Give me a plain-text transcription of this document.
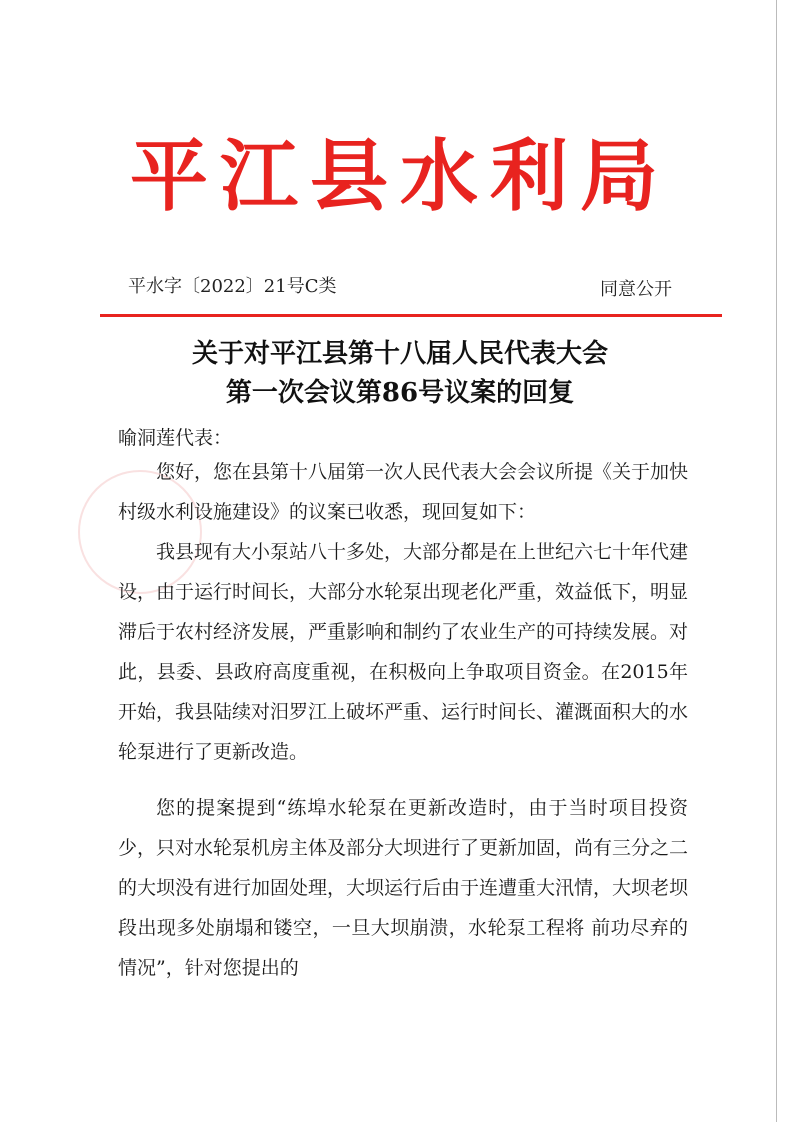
平江县水利局
平水字〔2022〕21号C类	同意公开
关于对平江县第十八届人民代表大会
第一次会议第86号议案的回复
喻洞莲代表：

您好，您在县第十八届第一次人民代表大会会议所提《关于加快村级水利设施建设》的议案已收悉，现回复如下：

我县现有大小泵站八十多处，大部分都是在上世纪六七十年代建设，由于运行时间长，大部分水轮泵出现老化严重，效益低下，明显滞后于农村经济发展，严重影响和制约了农业生产的可持续发展。对此，县委、县政府高度重视，在积极向上争取项目资金。在2015年开始，我县陆续对汨罗江上破坏严重、运行时间长、灌溉面积大的水轮泵进行了更新改造。

您的提案提到“练埠水轮泵在更新改造时，由于当时项目投资少，只对水轮泵机房主体及部分大坝进行了更新加固，尚有三分之二的大坝没有进行加固处理，大坝运行后由于连遭重大汛情，大坝老坝段出现多处崩塌和镂空，一旦大坝崩溃，水轮泵工程将 前功尽弃的情况”，针对您提出的
